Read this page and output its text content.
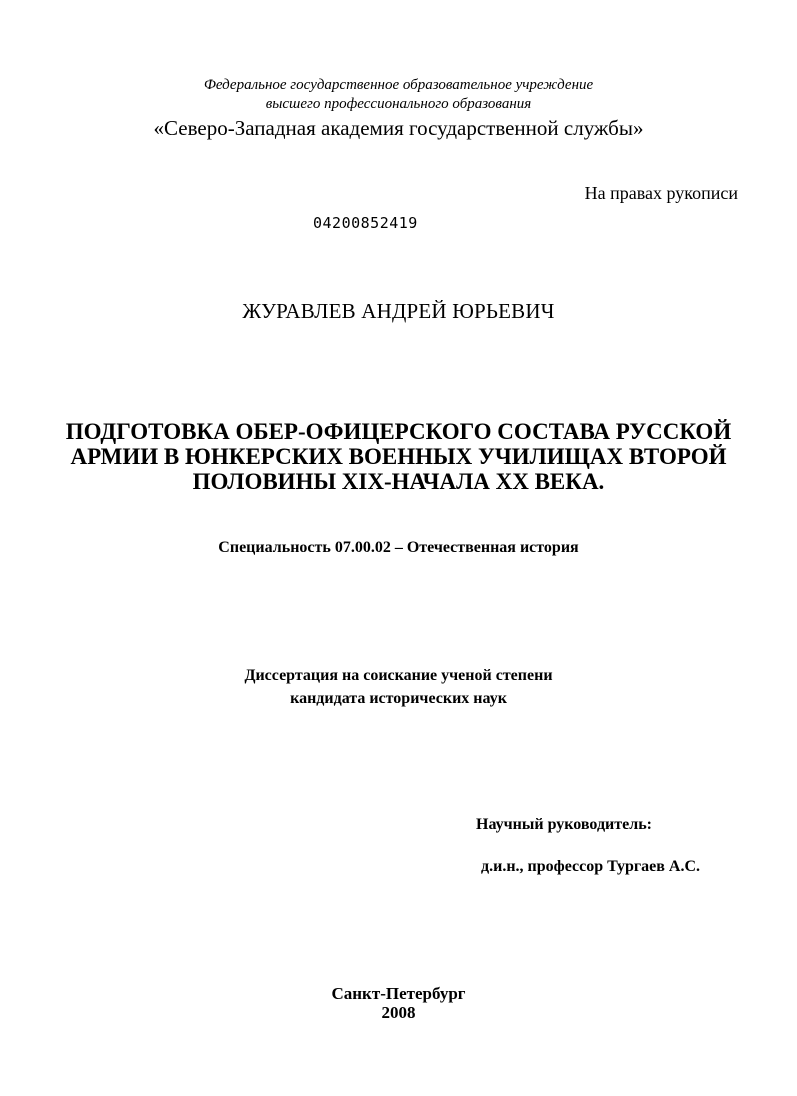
Федеральное государственное образовательное учреждение
высшего профессионального образования
«Северо-Западная академия государственной службы»
На правах рукописи
04200852419
ЖУРАВЛЕВ АНДРЕЙ ЮРЬЕВИЧ
ПОДГОТОВКА ОБЕР-ОФИЦЕРСКОГО СОСТАВА РУССКОЙ
АРМИИ В ЮНКЕРСКИХ ВОЕННЫХ УЧИЛИЩАХ ВТОРОЙ
ПОЛОВИНЫ XIX-НАЧАЛА XX ВЕКА.
Специальность 07.00.02 – Отечественная история
Диссертация на соискание ученой степени
кандидата исторических наук
Научный руководитель:
д.и.н., профессор Тургаев А.С.
Санкт-Петербург
2008
